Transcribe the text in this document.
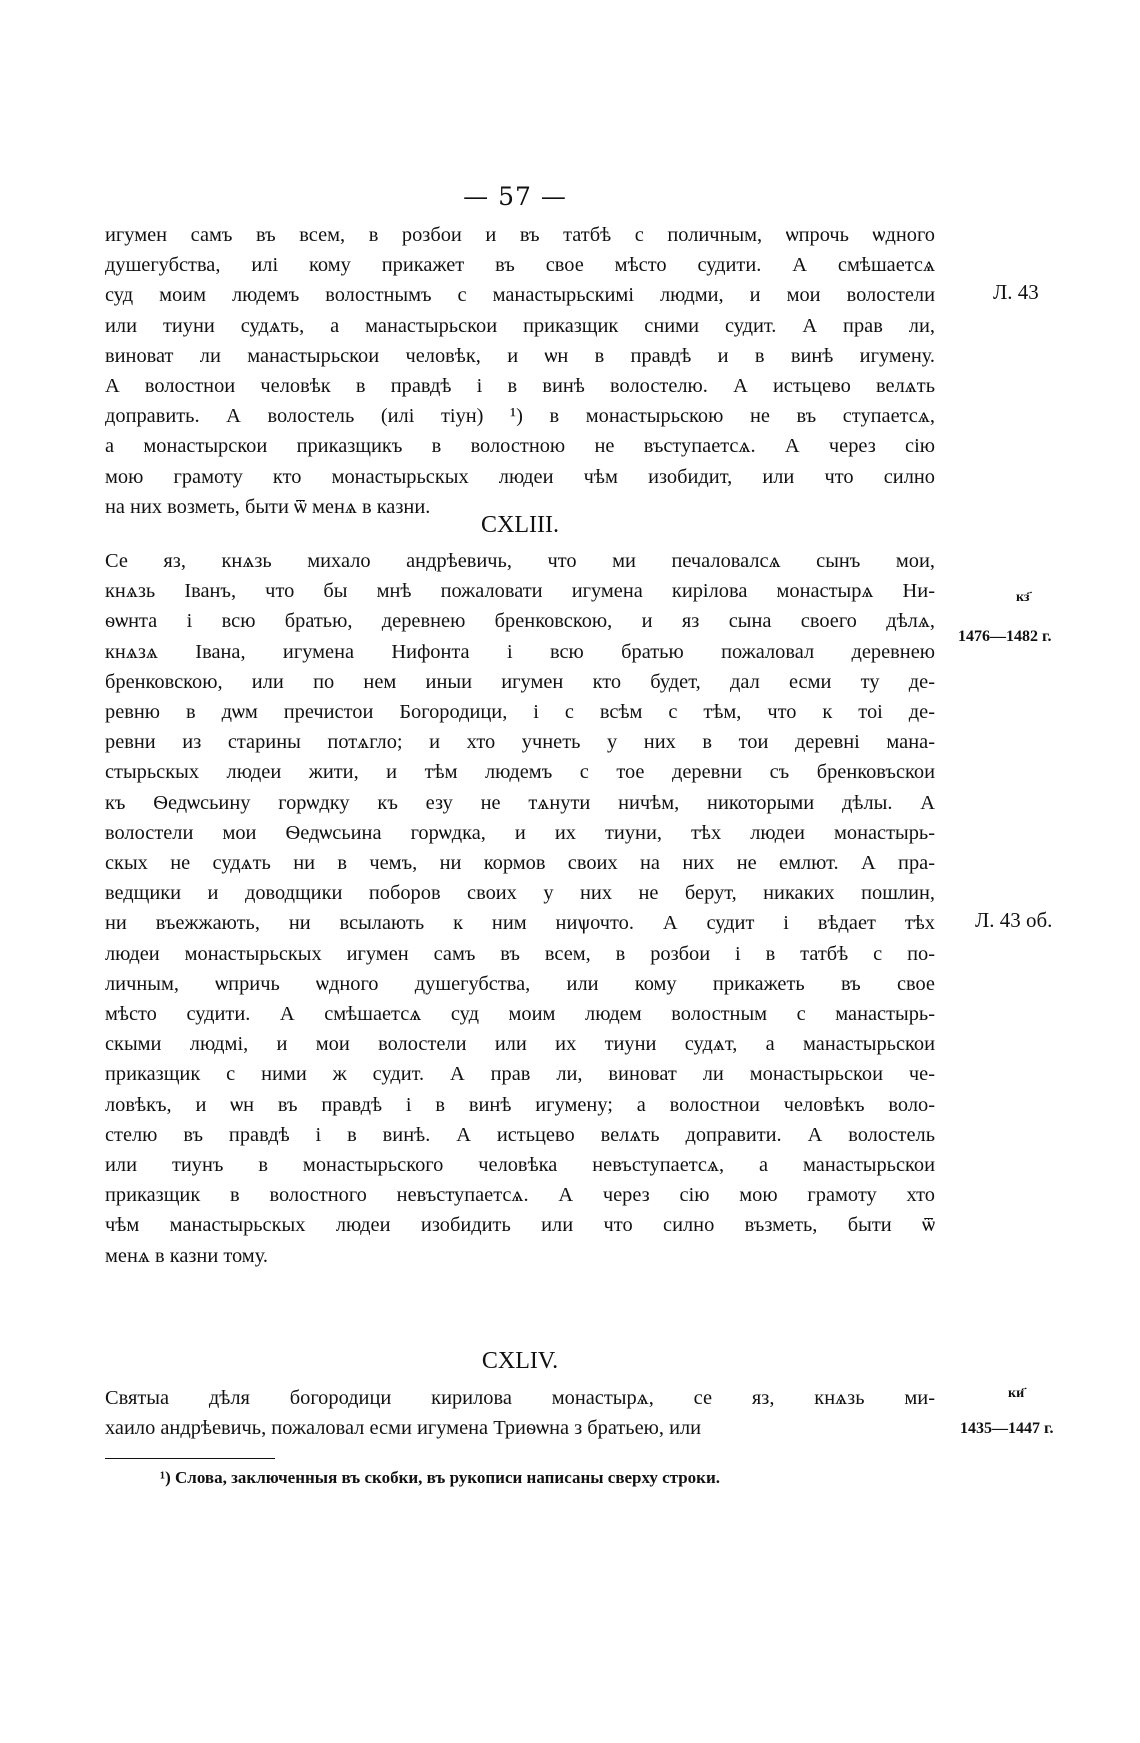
— 57 —
игумен самъ въ всем, в розбои и въ татбѣ с поличным, ѡпрочь ѡдного
душегубства, илі кому прикажет въ свое мѣсто судити. А смѣшаетсѧ
суд моим людемъ волостнымъ с манастырьскимі людми, и мои волостели
или тиуни судѧть, а манастырьскои приказщик сними судит. А прав ли,
виноват ли манастырьскои человѣк, и ѡн в правдѣ и в винѣ игумену.
А волостнои человѣк в правдѣ і в винѣ волостелю. А истьцево велѧть
доправить. А волостель (илі тіун) ¹) в монастырьскою не въ ступаетсѧ,
а монастырскои приказщикъ в волостною не въступаетсѧ. А через сію
мою грамоту кто монастырьскых людеи чѣм изобидит, или что силно
на них возметь, быти ѿ менѧ в казни.
CXLIII.
Се яз, кнѧзь михало андрѣевичь, что ми печаловалсѧ сынъ мои,
кнѧзь Іванъ, что бы мнѣ пожаловати игумена кирілова монастырѧ Ни-
ѳѡнта і всю братью, деревнею бренковскою, и яз сына своего дѣлѧ,
кнѧзѧ Івана, игумена Нифонта і всю братью пожаловал деревнею
бренковскою, или по нем иныи игумен кто будет, дал есми ту де-
ревню в дѡм пречистои Богородици, і с всѣм с тѣм, что к тоі де-
ревни из старины потѧгло; и хто учнеть у них в тои деревні мана-
стырьскых людеи жити, и тѣм людемъ с тое деревни съ бренковъскои
къ Ѳедѡсьину горѡдку къ езу не тѧнути ничѣм, никоторыми дѣлы. А
волостели мои Ѳедѡсьина горѡдка, и их тиуни, тѣх людеи монастырь-
скых не судѧть ни в чемъ, ни кормов своих на них не емлют. А пра-
ведщики и доводщики поборов своих у них не берут, никаких пошлин,
ни въежжають, ни всылають к ним ниѱочто. А судит і вѣдает тѣх
людеи монастырьскых игумен самъ въ всем, в розбои і в татбѣ с по-
личным, ѡпричь ѡдного душегубства, или кому прикажеть въ свое
мѣсто судити. А смѣшаетсѧ суд моим людем волостным с манастырь-
скыми людмі, и мои волостели или их тиуни судѧт, а манастырьскои
приказщик с ними ж судит. А прав ли, виноват ли монастырьскои че-
ловѣкъ, и ѡн въ правдѣ і в винѣ игумену; а волостнои человѣкъ воло-
стелю въ правдѣ і в винѣ. А истьцево велѧть доправити. А волостель
или тиунъ в монастырьского человѣка невъступаетсѧ, а манастырьскои
приказщик в волостного невъступаетсѧ. А через сію мою грамоту хто
чѣм манастырьскых людеи изобидить или что силно възметь, быти ѿ
менѧ в казни тому.
CXLIV.
Святыа дѣля богородици кирилова монастырѧ, се яз, кнѧзь ми-
хаило андрѣевичь, пожаловал есми игумена Триѳѡна з братьею, или
Л. 43
кз҃
1476—1482 г.
Л. 43 об.
ки҃
1435—1447 г.
¹) Слова, заключенныя въ скобки, въ рукописи написаны сверху строки.
